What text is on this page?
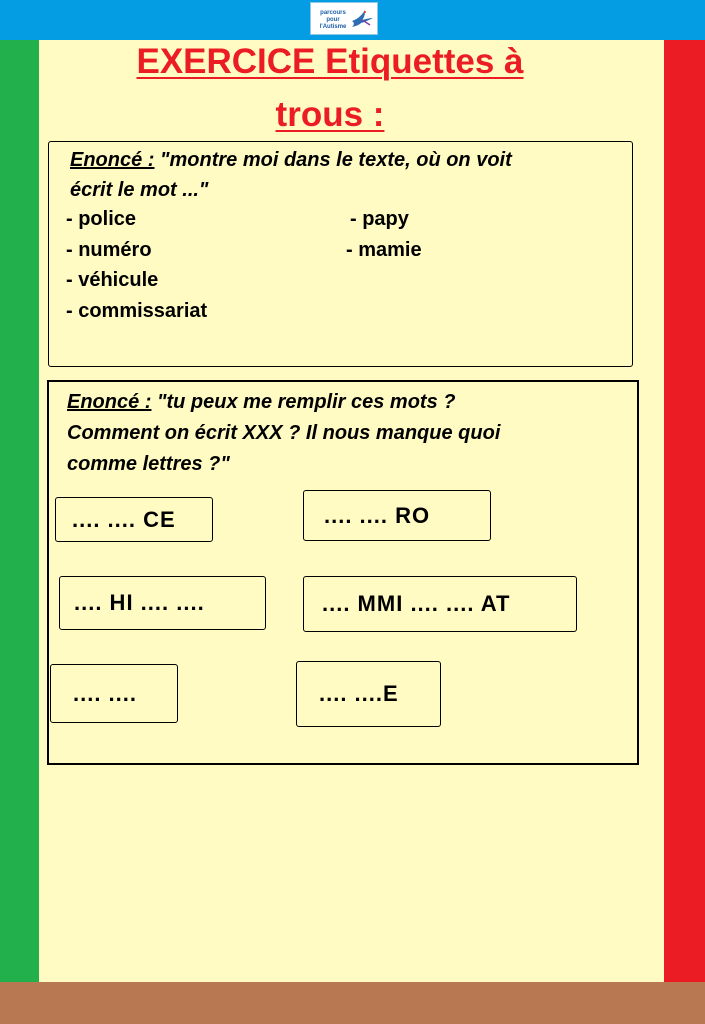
parcours pour l'Autisme
EXERCICE Etiquettes à
trous :
Enoncé : "montre moi dans le texte, où on voit
écrit le mot ..."
- police
- numéro
- véhicule
- commissariat
- papy
- mamie
Enoncé : "tu peux me remplir ces mots ?
Comment on écrit XXX ? Il nous manque quoi
comme lettres ?"
.... .... CE	.... .... RO
.... HI .... ....	.... MMI .... .... AT
.... ....	.... ....E
